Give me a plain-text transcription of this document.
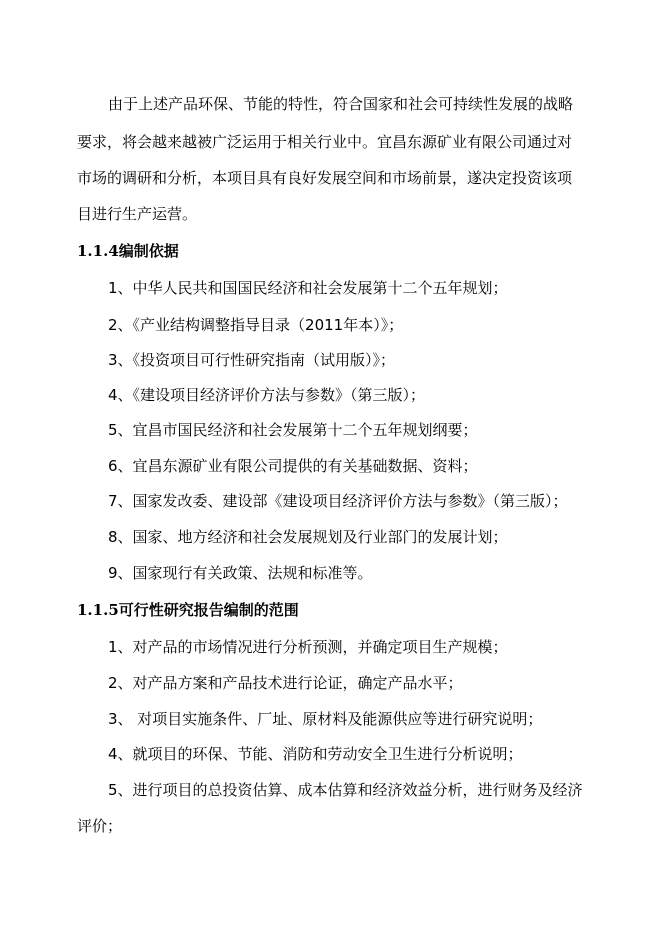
由于上述产品环保、节能的特性，符合国家和社会可持续性发展的战略
要求，将会越来越被广泛运用于相关行业中。宜昌东源矿业有限公司通过对
市场的调研和分析，本项目具有良好发展空间和市场前景，遂决定投资该项
目进行生产运营。
1.1.4编制依据
1、中华人民共和国国民经济和社会发展第十二个五年规划；
2、《产业结构调整指导目录（2011年本）》；
3、《投资项目可行性研究指南（试用版）》；
4、《建设项目经济评价方法与参数》（第三版）；
5、宜昌市国民经济和社会发展第十二个五年规划纲要；
6、宜昌东源矿业有限公司提供的有关基础数据、资料；
7、国家发改委、建设部《建设项目经济评价方法与参数》（第三版）；
8、国家、地方经济和社会发展规划及行业部门的发展计划；
9、国家现行有关政策、法规和标准等。
1.1.5可行性研究报告编制的范围
1、对产品的市场情况进行分析预测，并确定项目生产规模；
2、对产品方案和产品技术进行论证，确定产品水平；
3、 对项目实施条件、厂址、原材料及能源供应等进行研究说明；
4、就项目的环保、节能、消防和劳动安全卫生进行分析说明；
5、进行项目的总投资估算、成本估算和经济效益分析，进行财务及经济
评价；
